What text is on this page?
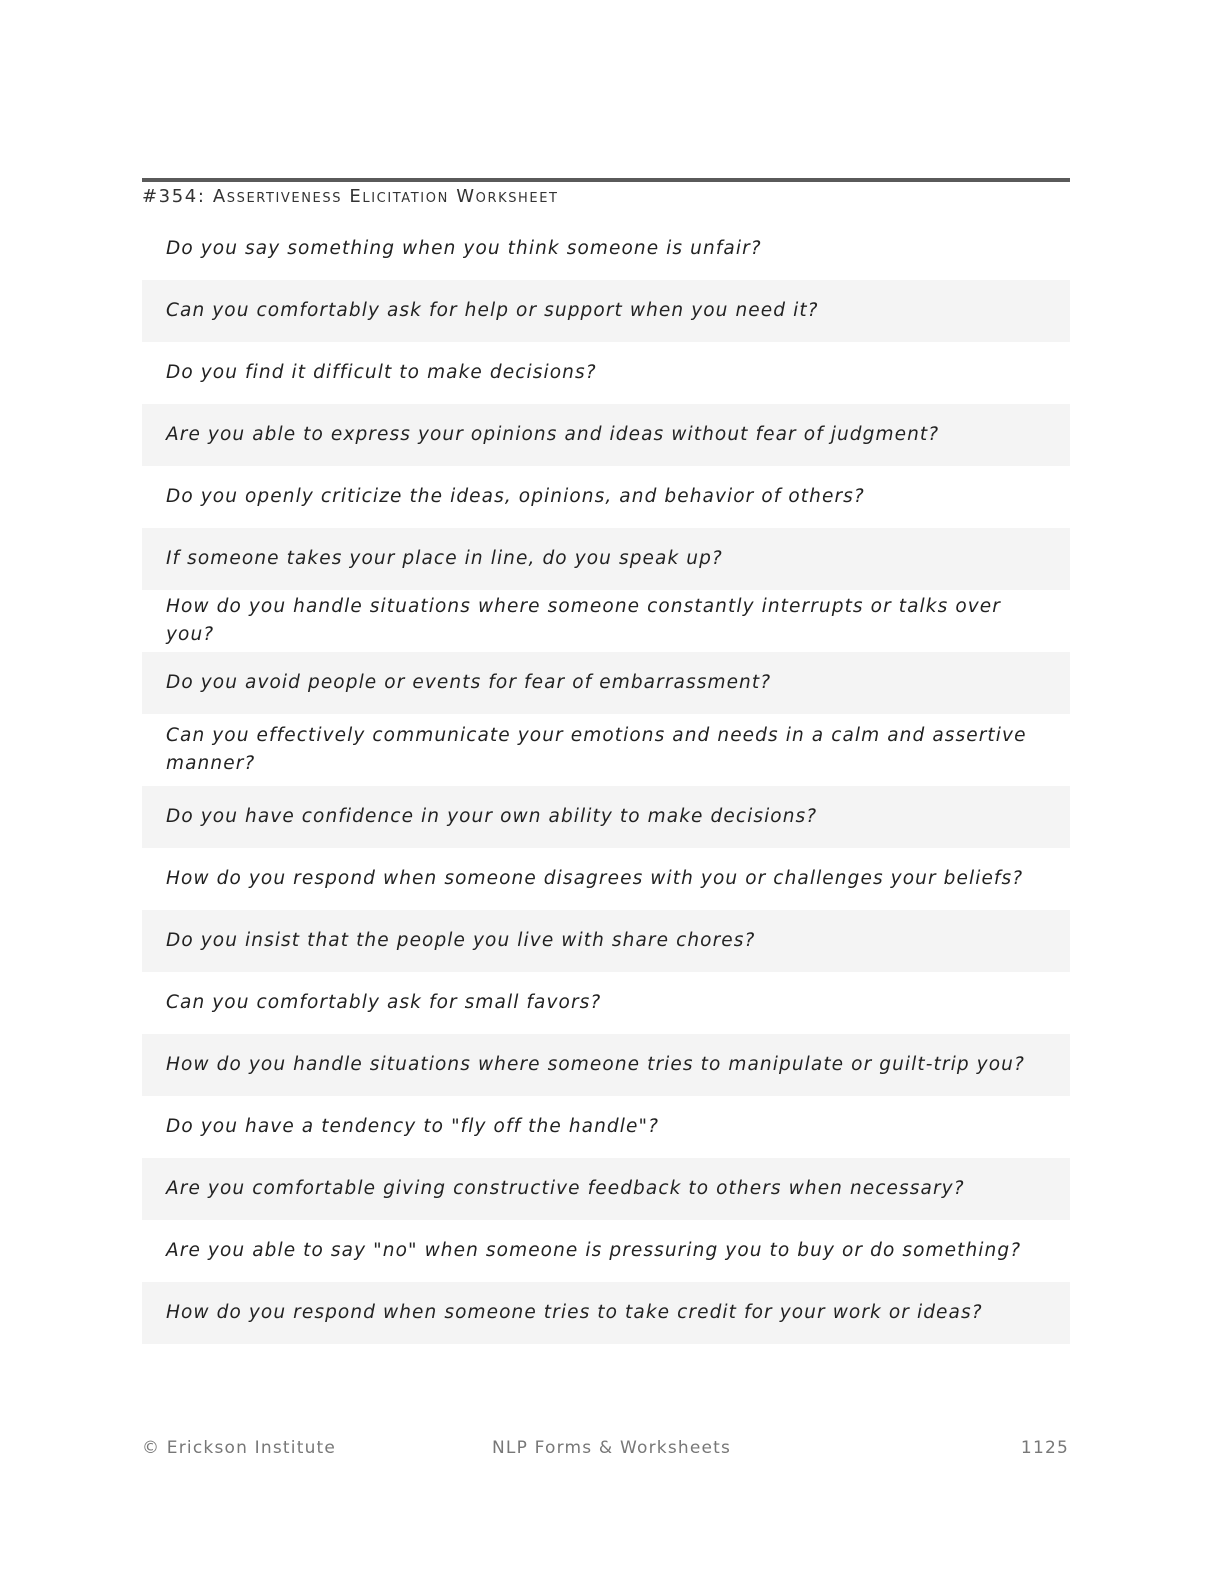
#354: Assertiveness Elicitation Worksheet
Do you say something when you think someone is unfair?
Can you comfortably ask for help or support when you need it?
Do you find it difficult to make decisions?
Are you able to express your opinions and ideas without fear of judgment?
Do you openly criticize the ideas, opinions, and behavior of others?
If someone takes your place in line, do you speak up?
How do you handle situations where someone constantly interrupts or talks over you?
Do you avoid people or events for fear of embarrassment?
Can you effectively communicate your emotions and needs in a calm and assertive manner?
Do you have confidence in your own ability to make decisions?
How do you respond when someone disagrees with you or challenges your beliefs?
Do you insist that the people you live with share chores?
Can you comfortably ask for small favors?
How do you handle situations where someone tries to manipulate or guilt-trip you?
Do you have a tendency to "fly off the handle"?
Are you comfortable giving constructive feedback to others when necessary?
Are you able to say "no" when someone is pressuring you to buy or do something?
How do you respond when someone tries to take credit for your work or ideas?
© Erickson Institute	NLP Forms & Worksheets	1125
